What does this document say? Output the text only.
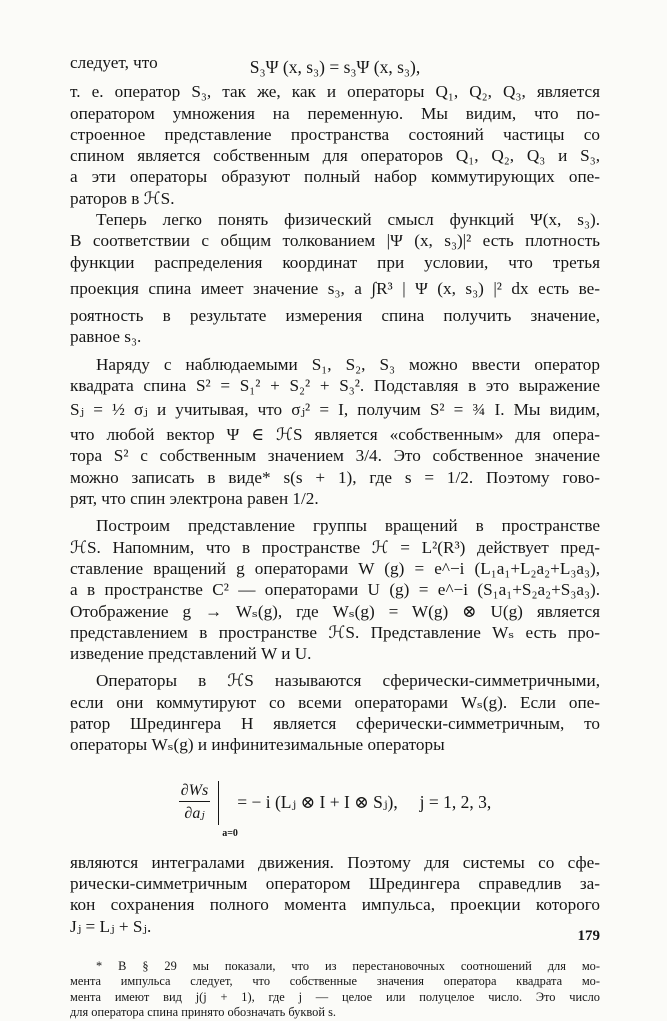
следует, что	S₃Ψ (x, s₃) = s₃Ψ (x, s₃),
т. е. оператор S₃, так же, как и операторы Q₁, Q₂, Q₃, является
оператором умножения на переменную. Мы видим, что по-
строенное представление пространства состояний частицы со
спином является собственным для операторов Q₁, Q₂, Q₃ и S₃,
а эти операторы образуют полный набор коммутирующих опе-
раторов в ℋS.
Теперь легко понять физический смысл функций Ψ(x, s₃).
В соответствии с общим толкованием |Ψ (x, s₃)|² есть плотность
функции распределения координат при условии, что третья
проекция спина имеет значение s₃, а ∫R³ | Ψ (x, s₃) |² dx есть ве-
роятность в результате измерения спина получить значение,
равное s₃.
Наряду с наблюдаемыми S₁, S₂, S₃ можно ввести оператор
квадрата спина S² = S₁² + S₂² + S₃². Подставляя в это выражение
Sⱼ = ½ σⱼ и учитывая, что σⱼ² = I, получим S² = ¾ I. Мы видим,
что любой вектор Ψ ∈ ℋS является «собственным» для опера-
тора S² с собственным значением 3/4. Это собственное значение
можно записать в виде* s(s + 1), где s = 1/2. Поэтому гово-
рят, что спин электрона равен 1/2.
Построим представление группы вращений в пространстве
ℋS. Напомним, что в пространстве ℋ = L²(R³) действует пред-
ставление вращений g операторами W (g) = e^−i (L₁a₁+L₂a₂+L₃a₃),
а в пространстве C² — операторами U (g) = e^−i (S₁a₁+S₂a₂+S₃a₃).
Отображение g → Wₛ(g), где Wₛ(g) = W(g) ⊗ U(g) является
представлением в пространстве ℋS. Представление Wₛ есть про-
изведение представлений W и U.
Операторы в ℋS называются сферически-симметричными,
если они коммутируют со всеми операторами Wₛ(g). Если опе-
ратор Шредингера H является сферически-симметричным, то
операторы Wₛ(g) и инфинитезимальные операторы
$\frac{\partial Ws}{\text{∂aⱼ}}$
a=0
= − i (Lⱼ ⊗ I + I ⊗ Sⱼ),     j = 1, 2, 3,
являются интегралами движения. Поэтому для системы со сфе-
рически-симметричным оператором Шредингера справедлив за-
кон сохранения полного момента импульса, проекции которого
Jⱼ = Lⱼ + Sⱼ.
* В § 29 мы показали, что из перестановочных соотношений для мо-
мента импульса следует, что собственные значения оператора квадрата мо-
мента имеют вид j(j + 1), где j — целое или полуцелое число. Это число
для оператора спина принято обозначать буквой s.
179
